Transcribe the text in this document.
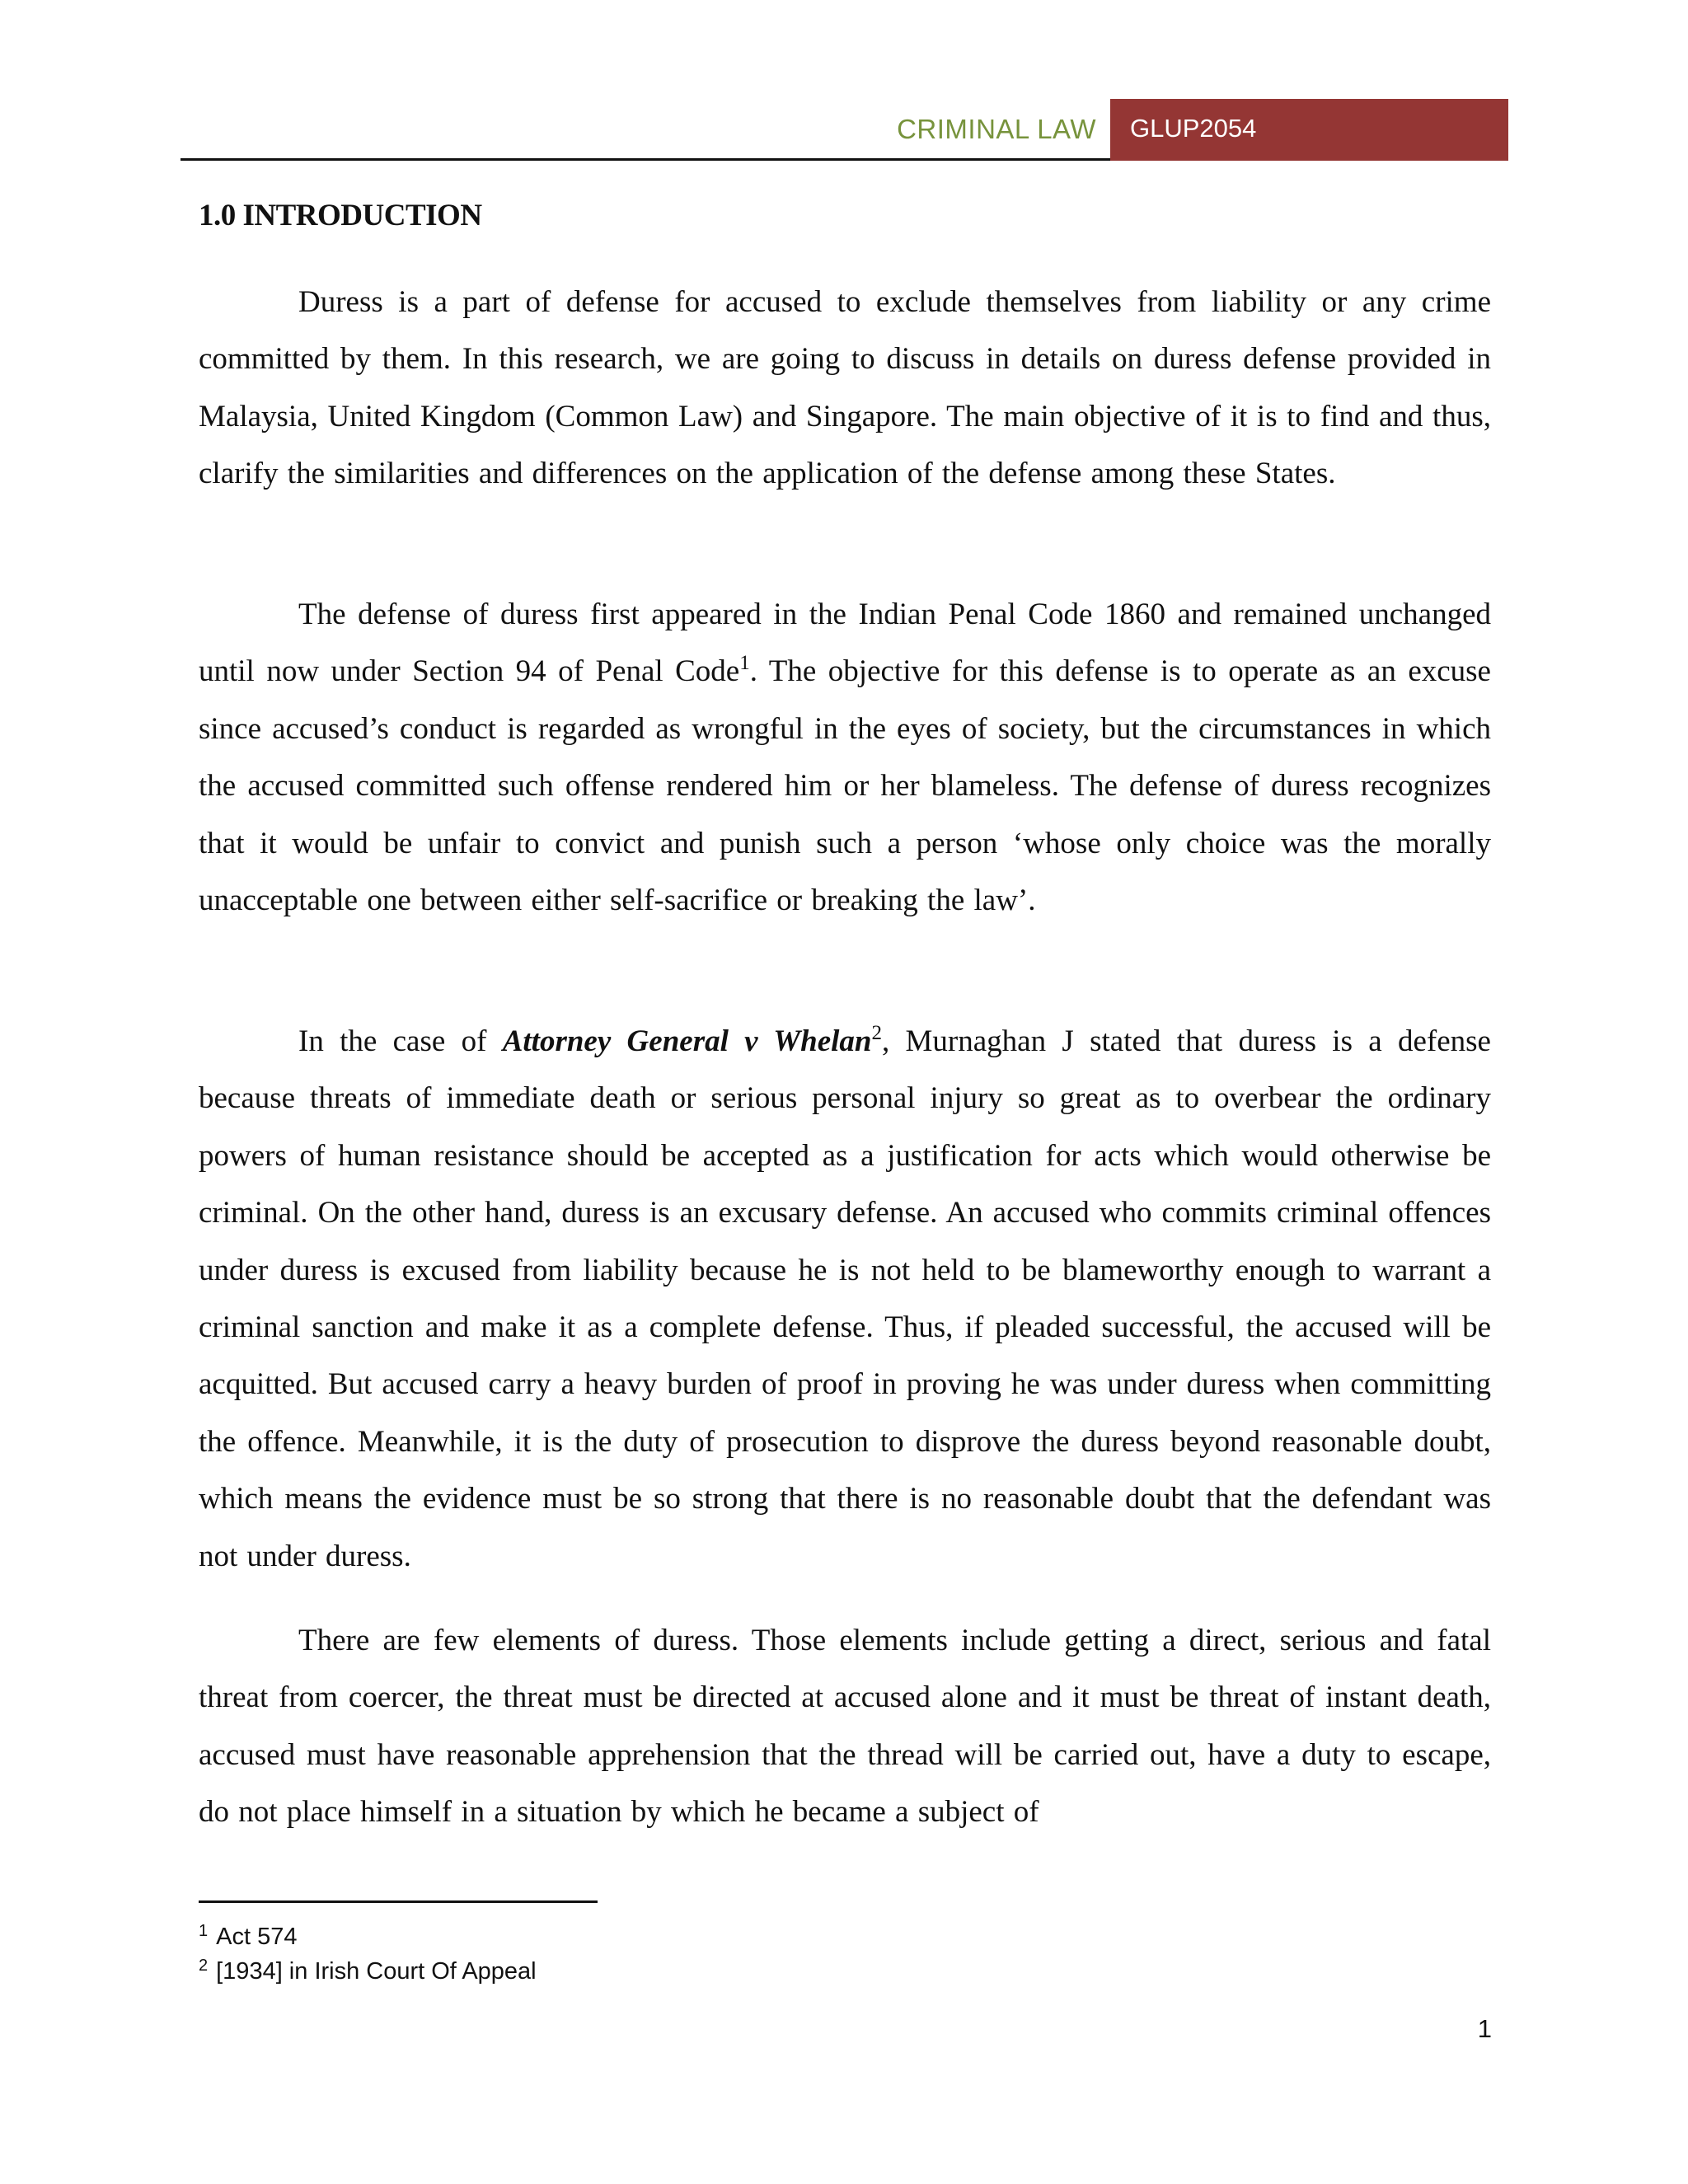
CRIMINAL LAW GLUP2054
1.0 INTRODUCTION

Duress is a part of defense for accused to exclude themselves from liability or any crime committed by them. In this research, we are going to discuss in details on duress defense provided in Malaysia, United Kingdom (Common Law) and Singapore. The main objective of it is to find and thus, clarify the similarities and differences on the application of the defense among these States.

The defense of duress first appeared in the Indian Penal Code 1860 and remained unchanged until now under Section 94 of Penal Code$^1$. The objective for this defense is to operate as an excuse since accused’s conduct is regarded as wrongful in the eyes of society, but the circumstances in which the accused committed such offense rendered him or her blameless. The defense of duress recognizes that it would be unfair to convict and punish such a person ‘whose only choice was the morally unacceptable one between either self-sacrifice or breaking the law’.

In the case of Attorney General v Whelan$^2$, Murnaghan J stated that duress is a defense because threats of immediate death or serious personal injury so great as to overbear the ordinary powers of human resistance should be accepted as a justification for acts which would otherwise be criminal. On the other hand, duress is an excusary defense. An accused who commits criminal offences under duress is excused from liability because he is not held to be blameworthy enough to warrant a criminal sanction and make it as a complete defense. Thus, if pleaded successful, the accused will be acquitted. But accused carry a heavy burden of proof in proving he was under duress when committing the offence. Meanwhile, it is the duty of prosecution to disprove the duress beyond reasonable doubt, which means the evidence must be so strong that there is no reasonable doubt that the defendant was not under duress.

There are few elements of duress. Those elements include getting a direct, serious and fatal threat from coercer, the threat must be directed at accused alone and it must be threat of instant death, accused must have reasonable apprehension that the thread will be carried out, have a duty to escape, do not place himself in a situation by which he became a subject of

$^1$ Act 574
$^2$ [1934] in Irish Court Of Appeal
1
